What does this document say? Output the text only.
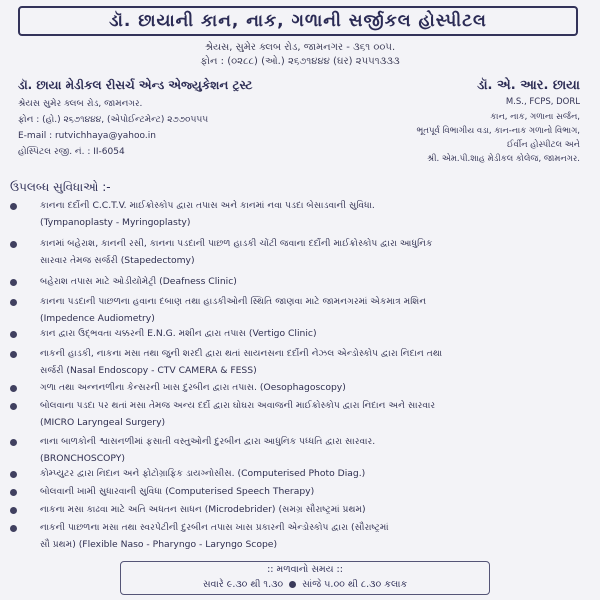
ડૉ. છાયાની કાન, નાક, ગળાની સર્જીકલ હોસ્પીટલ
શ્રેયસ, સુમેર ક્લબ રોડ, જામનગર - ૩૬૧ ૦૦૫.
ફોન : (૦૨૮૮) (ઓ.) ૨૬૭૧૪૪૪ (ઘર) ૨૫૫૧૩૩૩
ડૉ. છાયા મેડીકલ રીસર્ચ એન્ડ એજ્યુકેશન ટ્રસ્ટ
શ્રેયસ સુમેર ક્લબ રોડ, જામનગર.
ફોન : (હો.) ૨૬૭૧૪૪૪, (એપોઈન્ટમેન્ટ) ૨૭૭૦૫૫૫
E-mail : rutvichhaya@yahoo.in
હોસ્પિટલ રજી. નં. : II-6054
ડૉ. એ. આર. છાયા
M.S., FCPS, DORL
કાન, નાક, ગળાના સર્જન,
ભૂતપૂર્વ વિભાગીય વડા, કાન-નાક ગળાનો વિભાગ,
ઈર્વીન હોસ્પીટલ અને
શ્રી. એમ.પી.શાહ મેડીકલ કોલેજ, જામનગર.
ઉપલબ્ધ સુવિધાઓ :-
કાનના દર્દોની C.C.T.V. માઈક્રોસ્કોપ દ્વારા તપાસ અને કાનમાં નવા પડદા બેસાડવાની સુવિધા.
(Tympanoplasty - Myringoplasty)
કાનમાં બહેરાશ, કાનની રસી, કાનના પડદાની પાછળ હાડકી ચોંટી જવાના દર્દોની માઈક્રોસ્કોપ દ્વારા આધુનિક
સારવાર તેમજ સર્જરી (Stapedectomy)
બહેરાશ તપાસ માટે ઓડીયોમેટ્રી (Deafness Clinic)
કાનના પડદાની પાછળના હવાના દબાણ તથા હાડકીઓની સ્થિતિ જાણવા માટે જામનગરમાં એકમાત્ર મશિન
(Impedence Audiometry)
કાન દ્વારા ઉદ્ભવતા ચક્કરની E.N.G. મશીન દ્વારા તપાસ (Vertigo Clinic)
નાકની હાડકી, નાકના મસા તથા જુની શરદી દ્વારા થતાં સાયનસના દર્દોની નેઝલ એન્ડોસ્કોપ દ્વારા નિદાન તથા
સર્જરી (Nasal Endoscopy - CTV CAMERA & FESS)
ગળા તથા અન્નનળીના કેન્સરની ખાસ દુરબીન દ્વારા તપાસ. (Oesophagoscopy)
બોલવાના પડદા પર થતાં મસા તેમજ અન્ય દર્દો દ્વારા ઘોઘરા અવાજની માઈક્રોસ્કોપ દ્વારા નિદાન અને સારવાર
(MICRO Laryngeal Surgery)
નાના બાળકોની શ્વાસનળીમાં ફસાતી વસ્તુઓની દુરબીન દ્વારા આધુનિક પધ્ધતિ દ્વારા સારવાર.
(BRONCHOSCOPY)
કોમ્પ્યુટર દ્વારા નિદાન અને ફોટોગ્રાફિક ડાયગ્નોસીસ. (Computerised Photo Diag.)
બોલવાની ખામી સુધારવાની સુવિધા (Computerised Speech Therapy)
નાકના મસા કાઢવા માટે અતિ અધતન સાધન (Microdebrider) (સમગ્ર સૌરાષ્ટ્રમાં પ્રથમ)
નાકની પાછળના મસા તથા સ્વરપેટીની દુરબીન તપાસ ખાસ પ્રકારની એન્ડોસ્કોપ દ્વારા (સૌરાષ્ટ્રમાં
સૌ પ્રથમ) (Flexible Naso - Pharyngo - Laryngo Scope)
:: મળવાનો સમય ::
સવારે ૯.૩૦ થી ૧.૩૦ સાંજે ૫.૦૦ થી ૮.૩૦ કલાક
